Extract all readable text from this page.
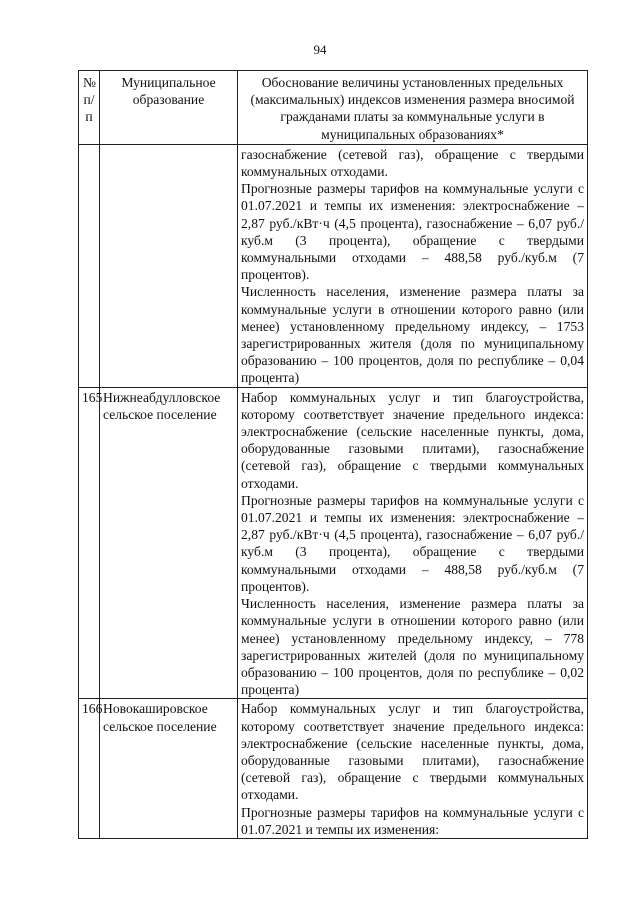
94
№ п/п	Муниципальное образование	Обоснование величины установленных предельных (максимальных) индексов изменения размера вносимой гражданами платы за коммунальные услуги в муниципальных образованиях*

		газоснабжение (сетевой газ), обращение с твердыми коммунальных отходами.

Прогнозные размеры тарифов на коммунальные услуги с 01.07.2021 и темпы их изменения: электроснабжение – 2,87 руб./кВт·ч (4,5 процента), газоснабжение – 6,07 руб./куб.м (3 процента), обращение с твердыми коммунальными отходами – 488,58 руб./куб.м (7 процентов).

Численность населения, изменение размера платы за коммунальные услуги в отношении которого равно (или менее) установленному предельному индексу, – 1753 зарегистрированных жителя (доля по муниципальному образованию – 100 процентов, доля по республике – 0,04 процента)

165	Нижнеабдулловское сельское поселение	Набор коммунальных услуг и тип благоустройства, которому соответствует значение предельного индекса: электроснабжение (сельские населенные пункты, дома, оборудованные газовыми плитами), газоснабжение (сетевой газ), обращение с твердыми коммунальных отходами.

Прогнозные размеры тарифов на коммунальные услуги с 01.07.2021 и темпы их изменения: электроснабжение – 2,87 руб./кВт·ч (4,5 процента), газоснабжение – 6,07 руб./куб.м (3 процента), обращение с твердыми коммунальными отходами – 488,58 руб./куб.м (7 процентов).

Численность населения, изменение размера платы за коммунальные услуги в отношении которого равно (или менее) установленному предельному индексу, – 778 зарегистрированных жителей (доля по муниципальному образованию – 100 процентов, доля по республике – 0,02 процента)

166	Новокашировское сельское поселение	Набор коммунальных услуг и тип благоустройства, которому соответствует значение предельного индекса: электроснабжение (сельские населенные пункты, дома, оборудованные газовыми плитами), газоснабжение (сетевой газ), обращение с твердыми коммунальных отходами.

Прогнозные размеры тарифов на коммунальные услуги с 01.07.2021 и темпы их изменения:
